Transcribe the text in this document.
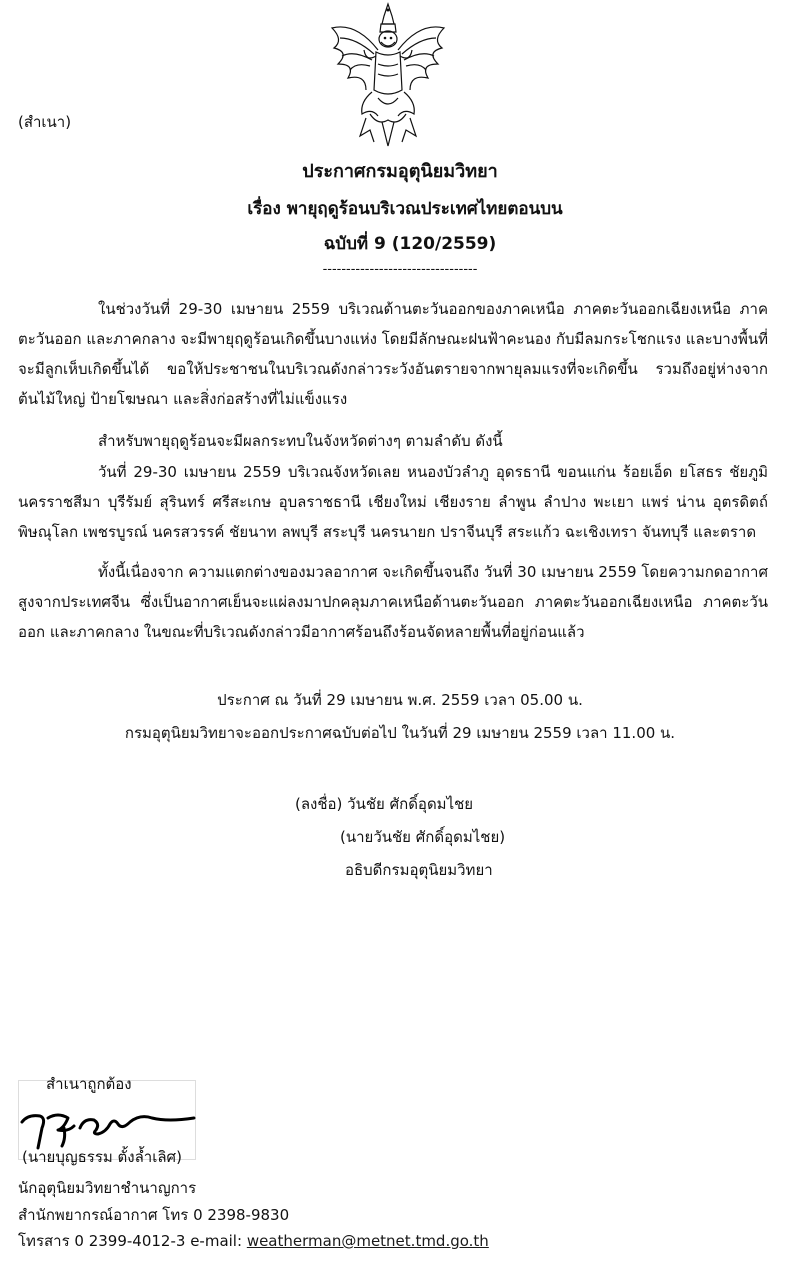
(สำเนา)
ประกาศกรมอุตุนิยมวิทยา
เรื่อง พายุฤดูร้อนบริเวณประเทศไทยตอนบน
ฉบับที่ 9 (120/2559)
---------------------------------

ในช่วงวันที่ 29-30 เมษายน 2559 บริเวณด้านตะวันออกของภาคเหนือ ภาคตะวันออกเฉียงเหนือ ภาคตะวันออก และภาคกลาง จะมีพายุฤดูร้อนเกิดขึ้นบางแห่ง โดยมีลักษณะฝนฟ้าคะนอง กับมีลมกระโชกแรง และบางพื้นที่จะมีลูกเห็บเกิดขึ้นได้ ขอให้ประชาชนในบริเวณดังกล่าวระวังอันตรายจากพายุลมแรงที่จะเกิดขึ้น รวมถึงอยู่ห่างจากต้นไม้ใหญ่ ป้ายโฆษณา และสิ่งก่อสร้างที่ไม่แข็งแรง

สำหรับพายุฤดูร้อนจะมีผลกระทบในจังหวัดต่างๆ ตามลำดับ ดังนี้

วันที่ 29-30 เมษายน 2559 บริเวณจังหวัดเลย หนองบัวลำภู อุดรธานี ขอนแก่น ร้อยเอ็ด ยโสธร ชัยภูมิ นครราชสีมา บุรีรัมย์ สุรินทร์ ศรีสะเกษ อุบลราชธานี เชียงใหม่ เชียงราย ลำพูน ลำปาง พะเยา แพร่ น่าน อุตรดิตถ์ พิษณุโลก เพชรบูรณ์ นครสวรรค์ ชัยนาท ลพบุรี สระบุรี นครนายก ปราจีนบุรี สระแก้ว ฉะเชิงเทรา จันทบุรี และตราด

ทั้งนี้เนื่องจาก ความแตกต่างของมวลอากาศ จะเกิดขึ้นจนถึง วันที่ 30 เมษายน 2559 โดยความกดอากาศสูงจากประเทศจีน ซึ่งเป็นอากาศเย็นจะแผ่ลงมาปกคลุมภาคเหนือด้านตะวันออก ภาคตะวันออกเฉียงเหนือ ภาคตะวันออก และภาคกลาง ในขณะที่บริเวณดังกล่าวมีอากาศร้อนถึงร้อนจัดหลายพื้นที่อยู่ก่อนแล้ว

ประกาศ ณ วันที่ 29 เมษายน พ.ศ. 2559 เวลา 05.00 น.
กรมอุตุนิยมวิทยาจะออกประกาศฉบับต่อไป ในวันที่ 29 เมษายน 2559 เวลา 11.00 น.
(ลงชื่อ) วันชัย ศักดิ์อุดมไชย
(นายวันชัย ศักดิ์อุดมไชย)
อธิบดีกรมอุตุนิยมวิทยา
สำเนาถูกต้อง
(นายบุญธรรม ตั้งล้ำเลิศ)
นักอุตุนิยมวิทยาชำนาญการ
สำนักพยากรณ์อากาศ โทร 0 2398-9830
โทรสาร 0 2399-4012-3 e-mail: weatherman@metnet.tmd.go.th
